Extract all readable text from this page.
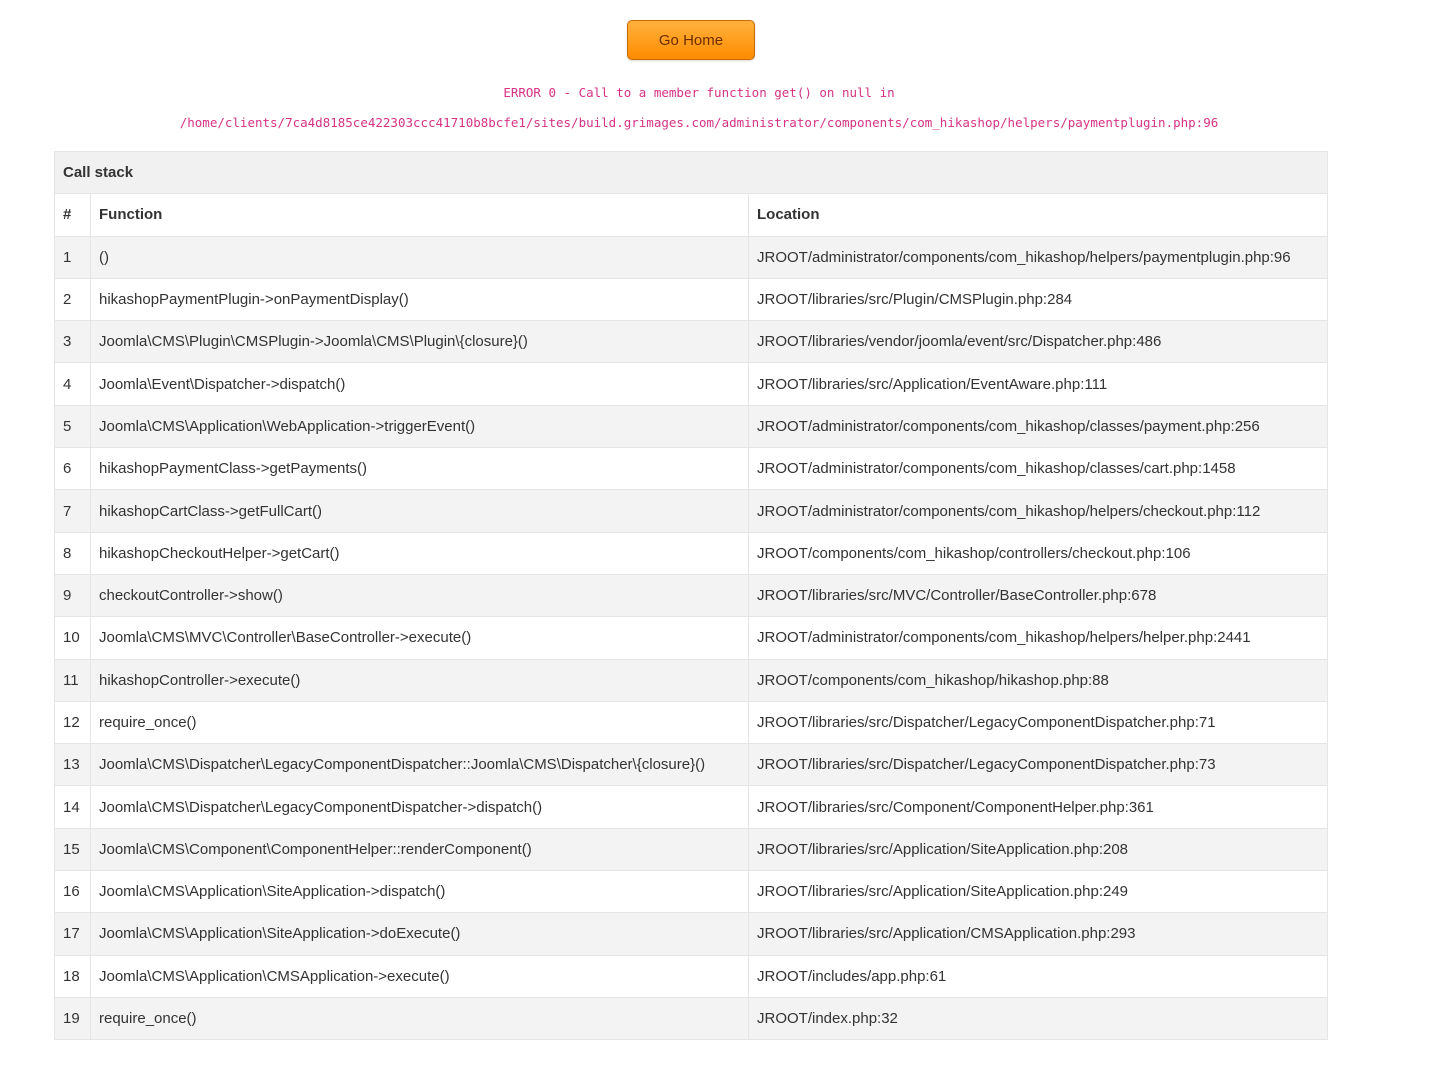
Go Home
ERROR 0 - Call to a member function get() on null in
/home/clients/7ca4d8185ce422303ccc41710b8bcfe1/sites/build.grimages.com/administrator/components/com_hikashop/helpers/paymentplugin.php:96
Call stack		
#	Function	Location
1	()	JROOT/administrator/components/com_hikashop/helpers/paymentplugin.php:96
2	hikashopPaymentPlugin->onPaymentDisplay()	JROOT/libraries/src/Plugin/CMSPlugin.php:284
3	Joomla\CMS\Plugin\CMSPlugin->Joomla\CMS\Plugin\{closure}()	JROOT/libraries/vendor/joomla/event/src/Dispatcher.php:486
4	Joomla\Event\Dispatcher->dispatch()	JROOT/libraries/src/Application/EventAware.php:111
5	Joomla\CMS\Application\WebApplication->triggerEvent()	JROOT/administrator/components/com_hikashop/classes/payment.php:256
6	hikashopPaymentClass->getPayments()	JROOT/administrator/components/com_hikashop/classes/cart.php:1458
7	hikashopCartClass->getFullCart()	JROOT/administrator/components/com_hikashop/helpers/checkout.php:112
8	hikashopCheckoutHelper->getCart()	JROOT/components/com_hikashop/controllers/checkout.php:106
9	checkoutController->show()	JROOT/libraries/src/MVC/Controller/BaseController.php:678
10	Joomla\CMS\MVC\Controller\BaseController->execute()	JROOT/administrator/components/com_hikashop/helpers/helper.php:2441
11	hikashopController->execute()	JROOT/components/com_hikashop/hikashop.php:88
12	require_once()	JROOT/libraries/src/Dispatcher/LegacyComponentDispatcher.php:71
13	Joomla\CMS\Dispatcher\LegacyComponentDispatcher::Joomla\CMS\Dispatcher\{closure}()	JROOT/libraries/src/Dispatcher/LegacyComponentDispatcher.php:73
14	Joomla\CMS\Dispatcher\LegacyComponentDispatcher->dispatch()	JROOT/libraries/src/Component/ComponentHelper.php:361
15	Joomla\CMS\Component\ComponentHelper::renderComponent()	JROOT/libraries/src/Application/SiteApplication.php:208
16	Joomla\CMS\Application\SiteApplication->dispatch()	JROOT/libraries/src/Application/SiteApplication.php:249
17	Joomla\CMS\Application\SiteApplication->doExecute()	JROOT/libraries/src/Application/CMSApplication.php:293
18	Joomla\CMS\Application\CMSApplication->execute()	JROOT/includes/app.php:61
19	require_once()	JROOT/index.php:32
